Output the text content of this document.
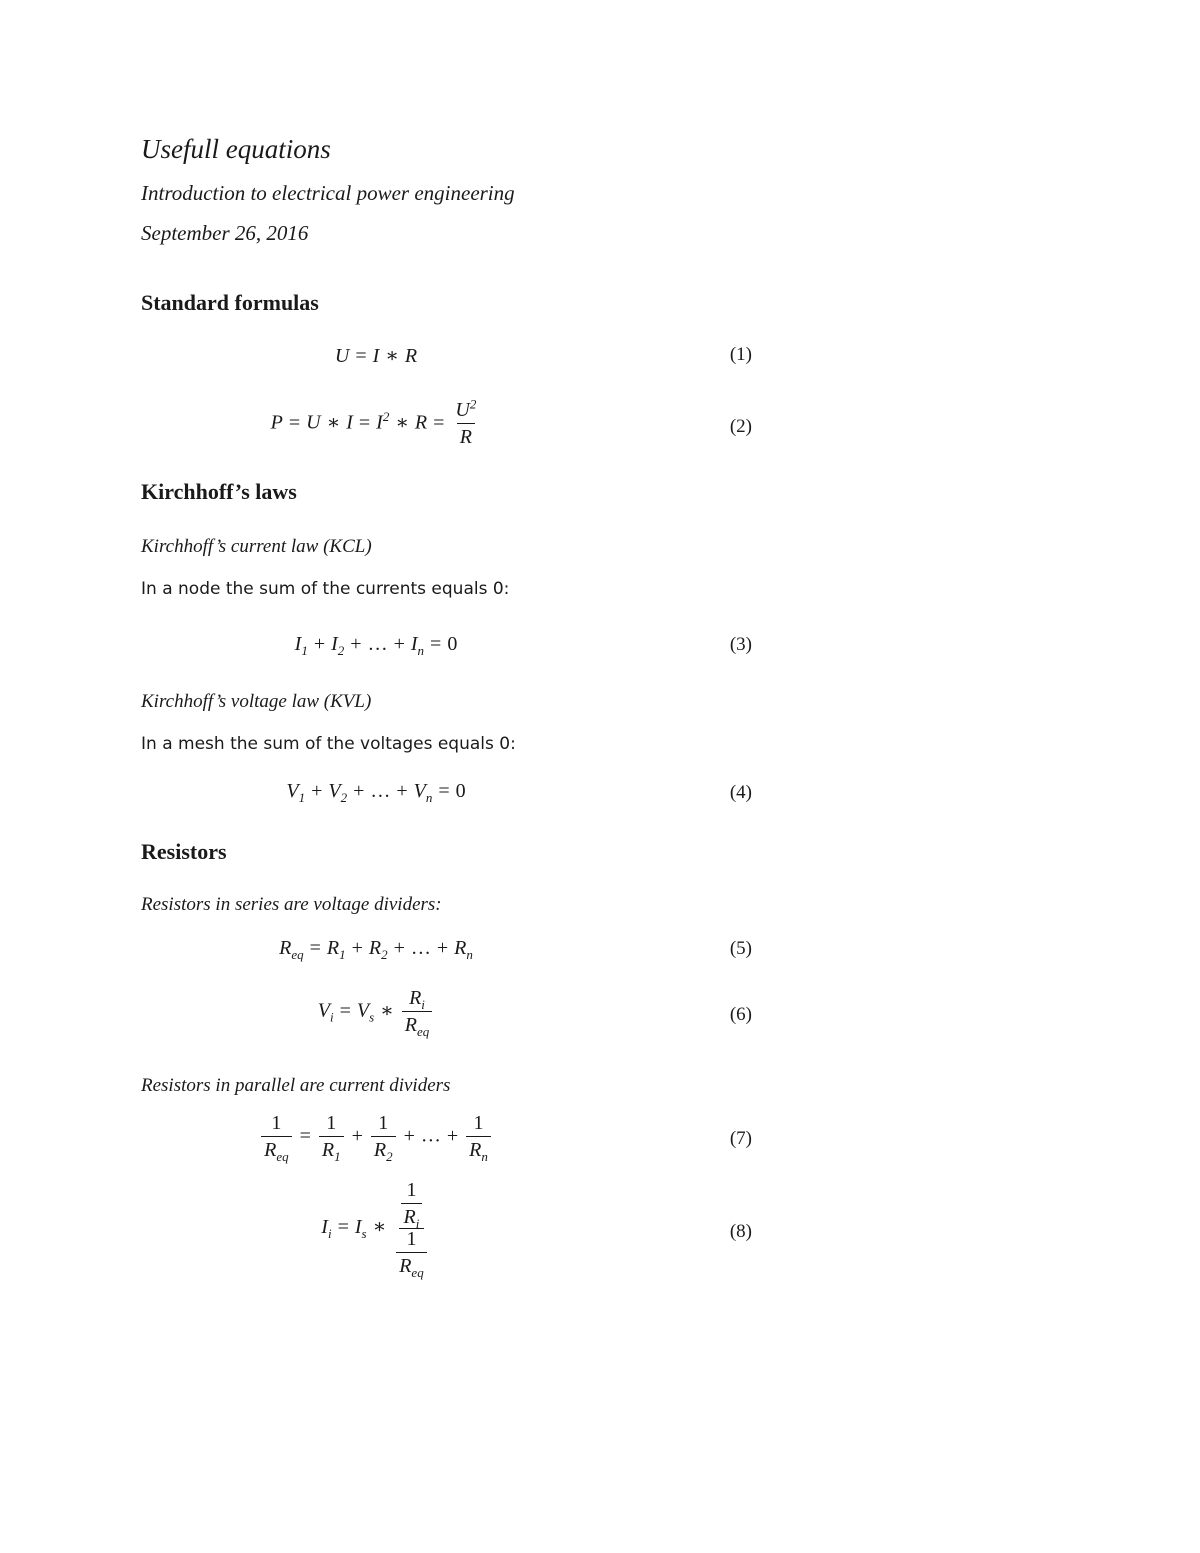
Usefull equations
Introduction to electrical power engineering
September 26, 2016
Standard formulas
U = I ∗ R	(1)
P = U ∗ $I = I^2$ ∗ $R = \frac{U^2}{R}$	(2)
Kirchhoff’s laws
Kirchhoff’s current law (KCL)
In a node the sum of the currents equals 0:
$I_1 + I_2$ + … + $I_n = 0$	(3)
Kirchhoff’s voltage law (KVL)
In a mesh the sum of the voltages equals 0:
$V_1 + V_2$ + … + $V_n = 0$	(4)
Resistors
Resistors in series are voltage dividers:
$R_{eq} = R_1 + R_2$ + … + $R_n$	(5)
$V_i = V_s$ ∗ $\frac{R_i}{R_{eq}}$	(6)
Resistors in parallel are current dividers
$\frac{1}{R_{eq}} = \frac{1}{R_1} + \frac{1}{R_2}$ + … + $\frac{1}{R_n}$	(7)
$I_i = I_s$ ∗ $\frac{\frac{1}{R_i}}{\frac{1}{R_{eq}}}$	(8)
